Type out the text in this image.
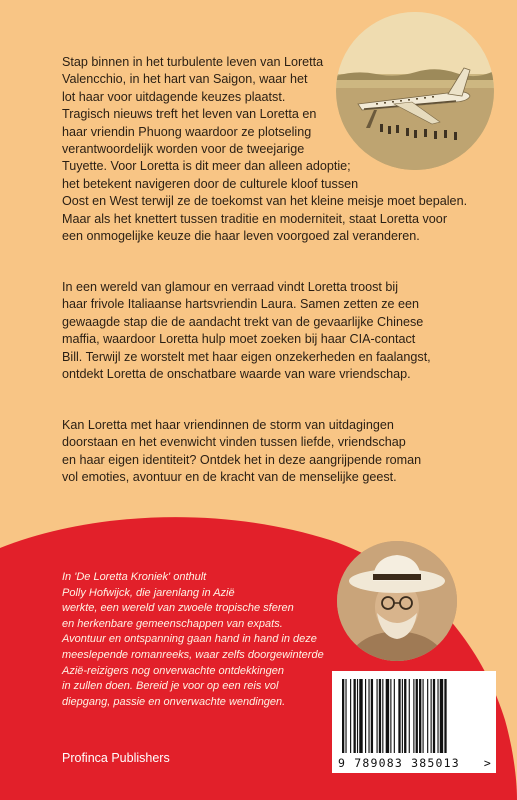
Stap binnen in het turbulente leven van Loretta
Valencchio, in het hart van Saigon, waar het
lot haar voor uitdagende keuzes plaatst.
Tragisch nieuws treft het leven van Loretta en
haar vriendin Phuong waardoor ze plotseling
verantwoordelijk worden voor de tweejarige
Tuyette. Voor Loretta is dit meer dan alleen adoptie;
het betekent navigeren door de culturele kloof tussen
Oost en West terwijl ze de toekomst van het kleine meisje moet bepalen.
Maar als het knettert tussen traditie en moderniteit, staat Loretta voor
een onmogelijke keuze die haar leven voorgoed zal veranderen.
In een wereld van glamour en verraad vindt Loretta troost bij
haar frivole Italiaanse hartsvriendin Laura. Samen zetten ze een
gewaagde stap die de aandacht trekt van de gevaarlijke Chinese
maffia, waardoor Loretta hulp moet zoeken bij haar CIA-contact
Bill. Terwijl ze worstelt met haar eigen onzekerheden en faalangst,
ontdekt Loretta de onschatbare waarde van ware vriendschap.
Kan Loretta met haar vriendinnen de storm van uitdagingen
doorstaan en het evenwicht vinden tussen liefde, vriendschap
en haar eigen identiteit? Ontdek het in deze aangrijpende roman
vol emoties, avontuur en de kracht van de menselijke geest.
In 'De Loretta Kroniek' onthult
Polly Hofwijck, die jarenlang in Azië
werkte, een wereld van zwoele tropische sferen
en herkenbare gemeenschappen van expats.
Avontuur en ontspanning gaan hand in hand in deze
meeslepende romanreeks, waar zelfs doorgewinterde
Azië-reizigers nog onverwachte ontdekkingen
in zullen doen. Bereid je voor op een reis vol
diepgang, passie en onverwachte wendingen.
Profinca Publishers	9 789083 385013 >
